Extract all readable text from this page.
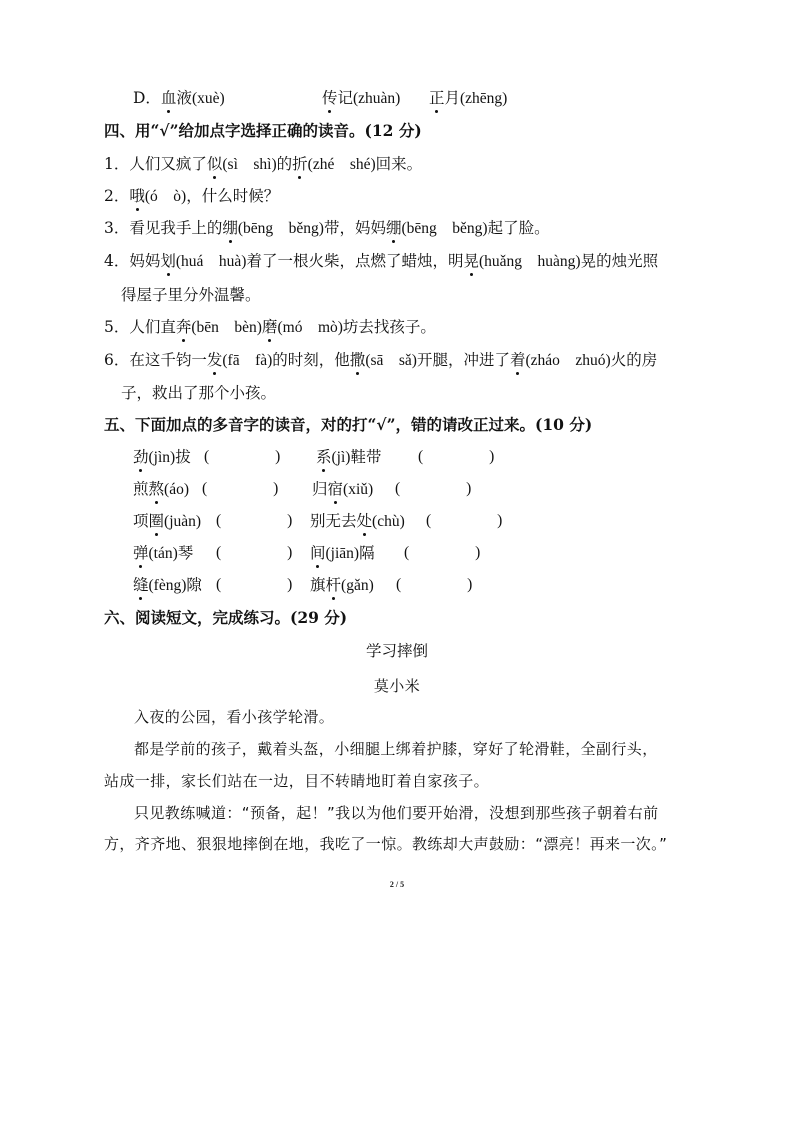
D．血液(xuè)	传记(zhuàn) 正月(zhēng)
四、用“√”给加点字选择正确的读音。(12 分)
1．人们又疯了似(sì　shì)的折(zhé　shé)回来。
2．哦(ó　ò)，什么时候？
3．看见我手上的绷(bēng　běng)带，妈妈绷(bēng　běng)起了脸。
4．妈妈划(huá　huà)着了一根火柴，点燃了蜡烛，明晃(huǎng　huàng)晃的烛光照
得屋子里分外温馨。
5．人们直奔(bēn　bèn)磨(mó　mò)坊去找孩子。
6．在这千钧一发(fā　fà)的时刻，他撒(sā　sǎ)开腿，冲进了着(zháo　zhuó)火的房
子，救出了那个小孩。
五、下面加点的多音字的读音，对的打“√”，错的请改正过来。(10 分)
劲(jìn)拔 (	) 系(jì)鞋带 (	)
煎熬(áo) (	) 归宿(xiǔ) (	)
项圈(juàn) (	) 别无去处(chù) (	)
弹(tán)琴 (	) 间(jiān)隔 (	)
缝(fèng)隙 (	) 旗杆(gǎn) (	)
六、阅读短文，完成练习。(29 分)
学习摔倒
莫小米
入夜的公园，看小孩学轮滑。
都是学前的孩子，戴着头盔，小细腿上绑着护膝，穿好了轮滑鞋，全副行头，
站成一排，家长们站在一边，目不转睛地盯着自家孩子。
只见教练喊道：“预备，起！”我以为他们要开始滑，没想到那些孩子朝着右前
方，齐齐地、狠狠地摔倒在地，我吃了一惊。教练却大声鼓励：“漂亮！再来一次。”
2 / 5
